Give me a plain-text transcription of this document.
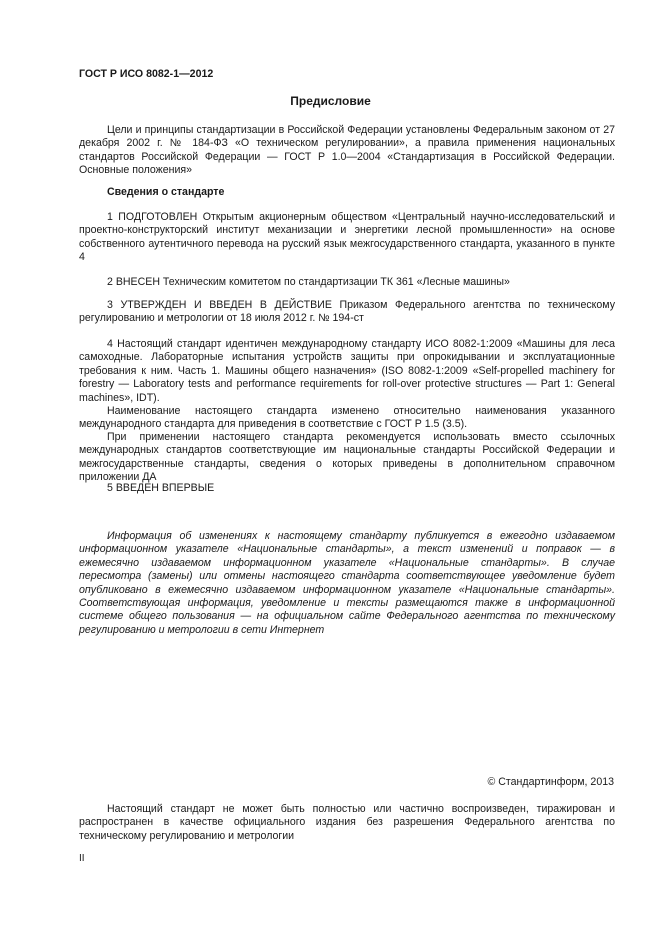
ГОСТ Р ИСО 8082-1—2012
Предисловие
Цели и принципы стандартизации в Российской Федерации установлены Федеральным законом от 27 декабря 2002 г. № 184-ФЗ «О техническом регулировании», а правила применения национальных стандартов Российской Федерации — ГОСТ Р 1.0—2004 «Стандартизация в Российской Федерации. Основные положения»
Сведения о стандарте
1 ПОДГОТОВЛЕН Открытым акционерным обществом «Центральный научно-исследовательский и проектно-конструкторский институт механизации и энергетики лесной промышленности» на основе собственного аутентичного перевода на русский язык межгосударственного стандарта, указанного в пункте 4
2 ВНЕСЕН Техническим комитетом по стандартизации ТК 361 «Лесные машины»
3 УТВЕРЖДЕН И ВВЕДЕН В ДЕЙСТВИЕ Приказом Федерального агентства по техническому регулированию и метрологии от 18 июля 2012 г. № 194-ст
4 Настоящий стандарт идентичен международному стандарту ИСО 8082-1:2009 «Машины для леса самоходные. Лабораторные испытания устройств защиты при опрокидывании и эксплуатационные требования к ним. Часть 1. Машины общего назначения» (ISO 8082-1:2009 «Self-propelled machinery for forestry — Laboratory tests and performance requirements for roll-over protective structures — Part 1: General machines», IDT).
Наименование настоящего стандарта изменено относительно наименования указанного международного стандарта для приведения в соответствие с ГОСТ Р 1.5 (3.5).
При применении настоящего стандарта рекомендуется использовать вместо ссылочных международных стандартов соответствующие им национальные стандарты Российской Федерации и межгосударственные стандарты, сведения о которых приведены в дополнительном справочном приложении ДА
5 ВВЕДЕН ВПЕРВЫЕ
Информация об изменениях к настоящему стандарту публикуется в ежегодно издаваемом информационном указателе «Национальные стандарты», а текст изменений и поправок — в ежемесячно издаваемом информационном указателе «Национальные стандарты». В случае пересмотра (замены) или отмены настоящего стандарта соответствующее уведомление будет опубликовано в ежемесячно издаваемом информационном указателе «Национальные стандарты». Соответствующая информация, уведомление и тексты размещаются также в информационной системе общего пользования — на официальном сайте Федерального агентства по техническому регулированию и метрологии в сети Интернет
© Стандартинформ, 2013
Настоящий стандарт не может быть полностью или частично воспроизведен, тиражирован и распространен в качестве официального издания без разрешения Федерального агентства по техническому регулированию и метрологии
II
